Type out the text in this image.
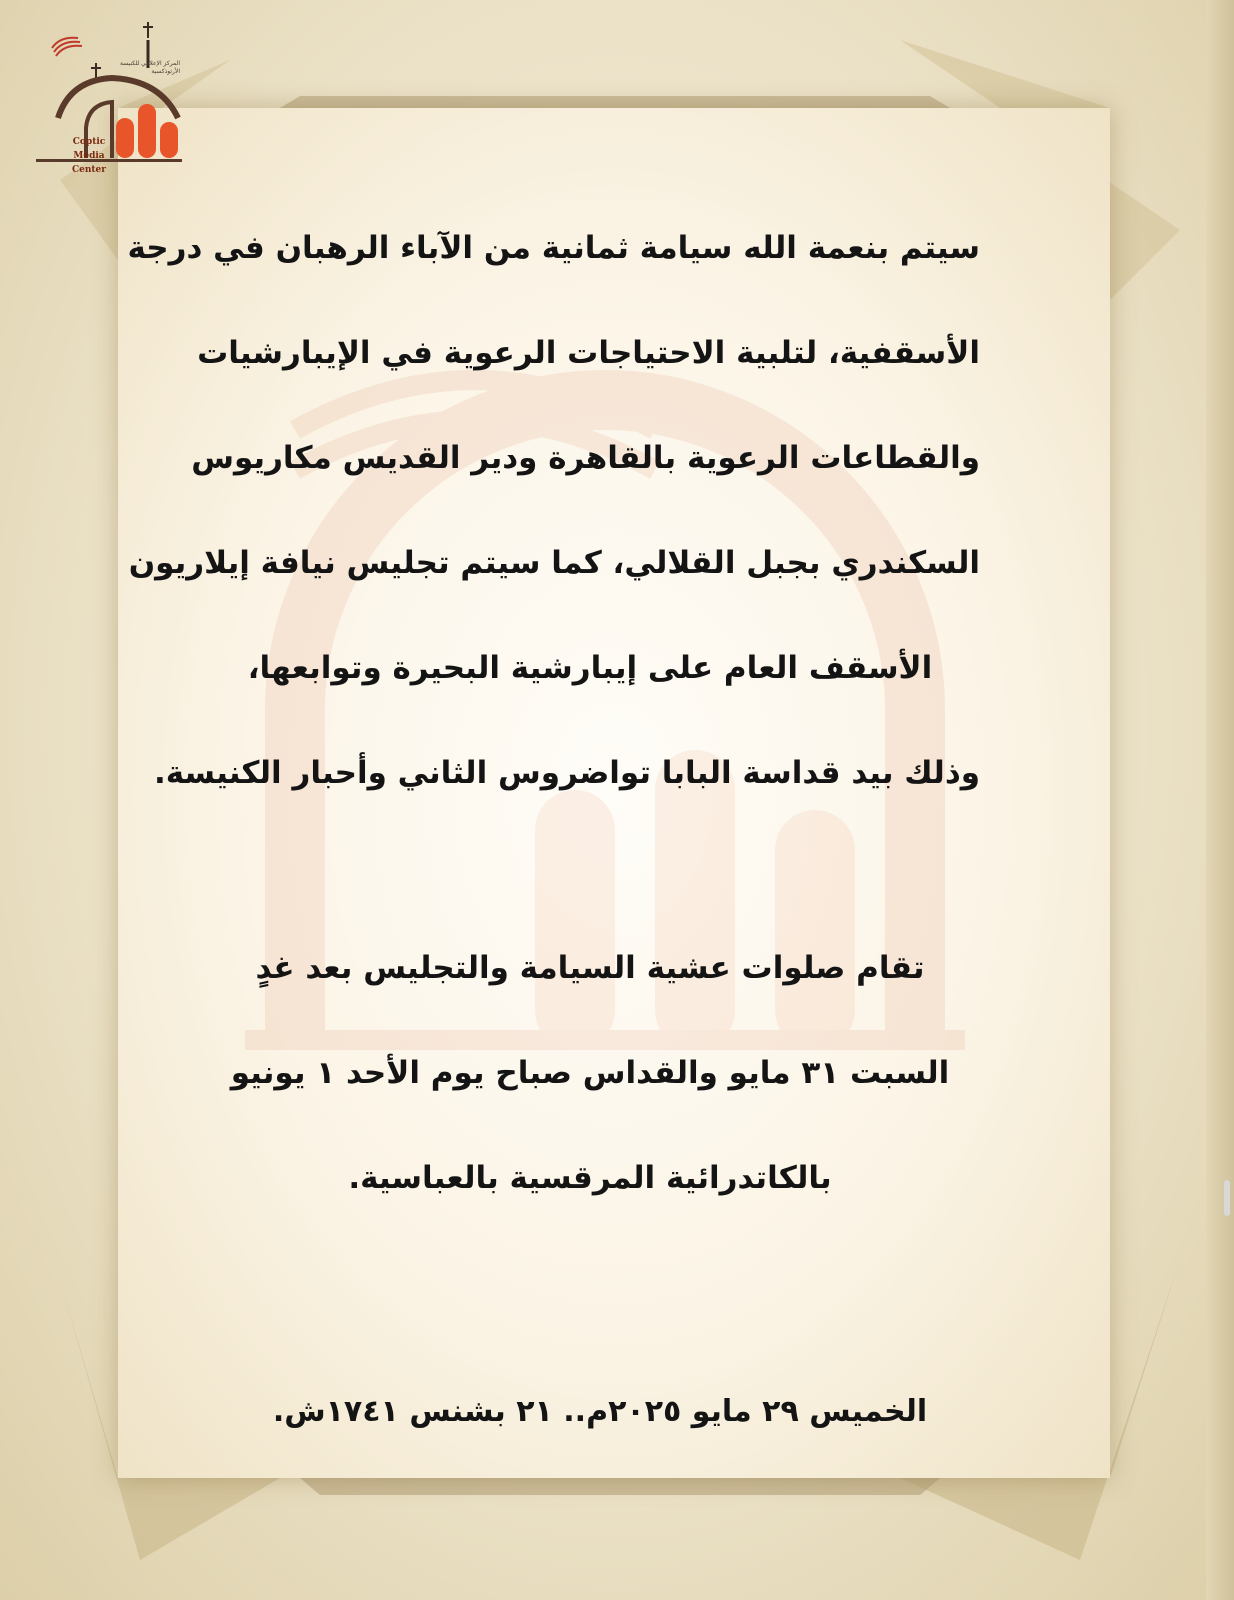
المركز الإعلامي للكنيسة الأرثوذكسية
Coptic
Media
Center
سيتم بنعمة الله سيامة ثمانية من الآباء الرهبان في درجة
الأسقفية، لتلبية الاحتياجات الرعوية في الإيبارشيات
والقطاعات الرعوية بالقاهرة ودير القديس مكاريوس
السكندري بجبل القلالي، كما سيتم تجليس نيافة إيلاريون
الأسقف العام على إيبارشية البحيرة وتوابعها،
وذلك بيد قداسة البابا تواضروس الثاني وأحبار الكنيسة.
تقام صلوات عشية السيامة والتجليس بعد غدٍ
السبت ٣١ مايو والقداس صباح يوم الأحد ١ يونيو
بالكاتدرائية المرقسية بالعباسية.
الخميس ٢٩ مايو ٢٠٢٥م.. ٢١ بشنس ١٧٤١ش.
